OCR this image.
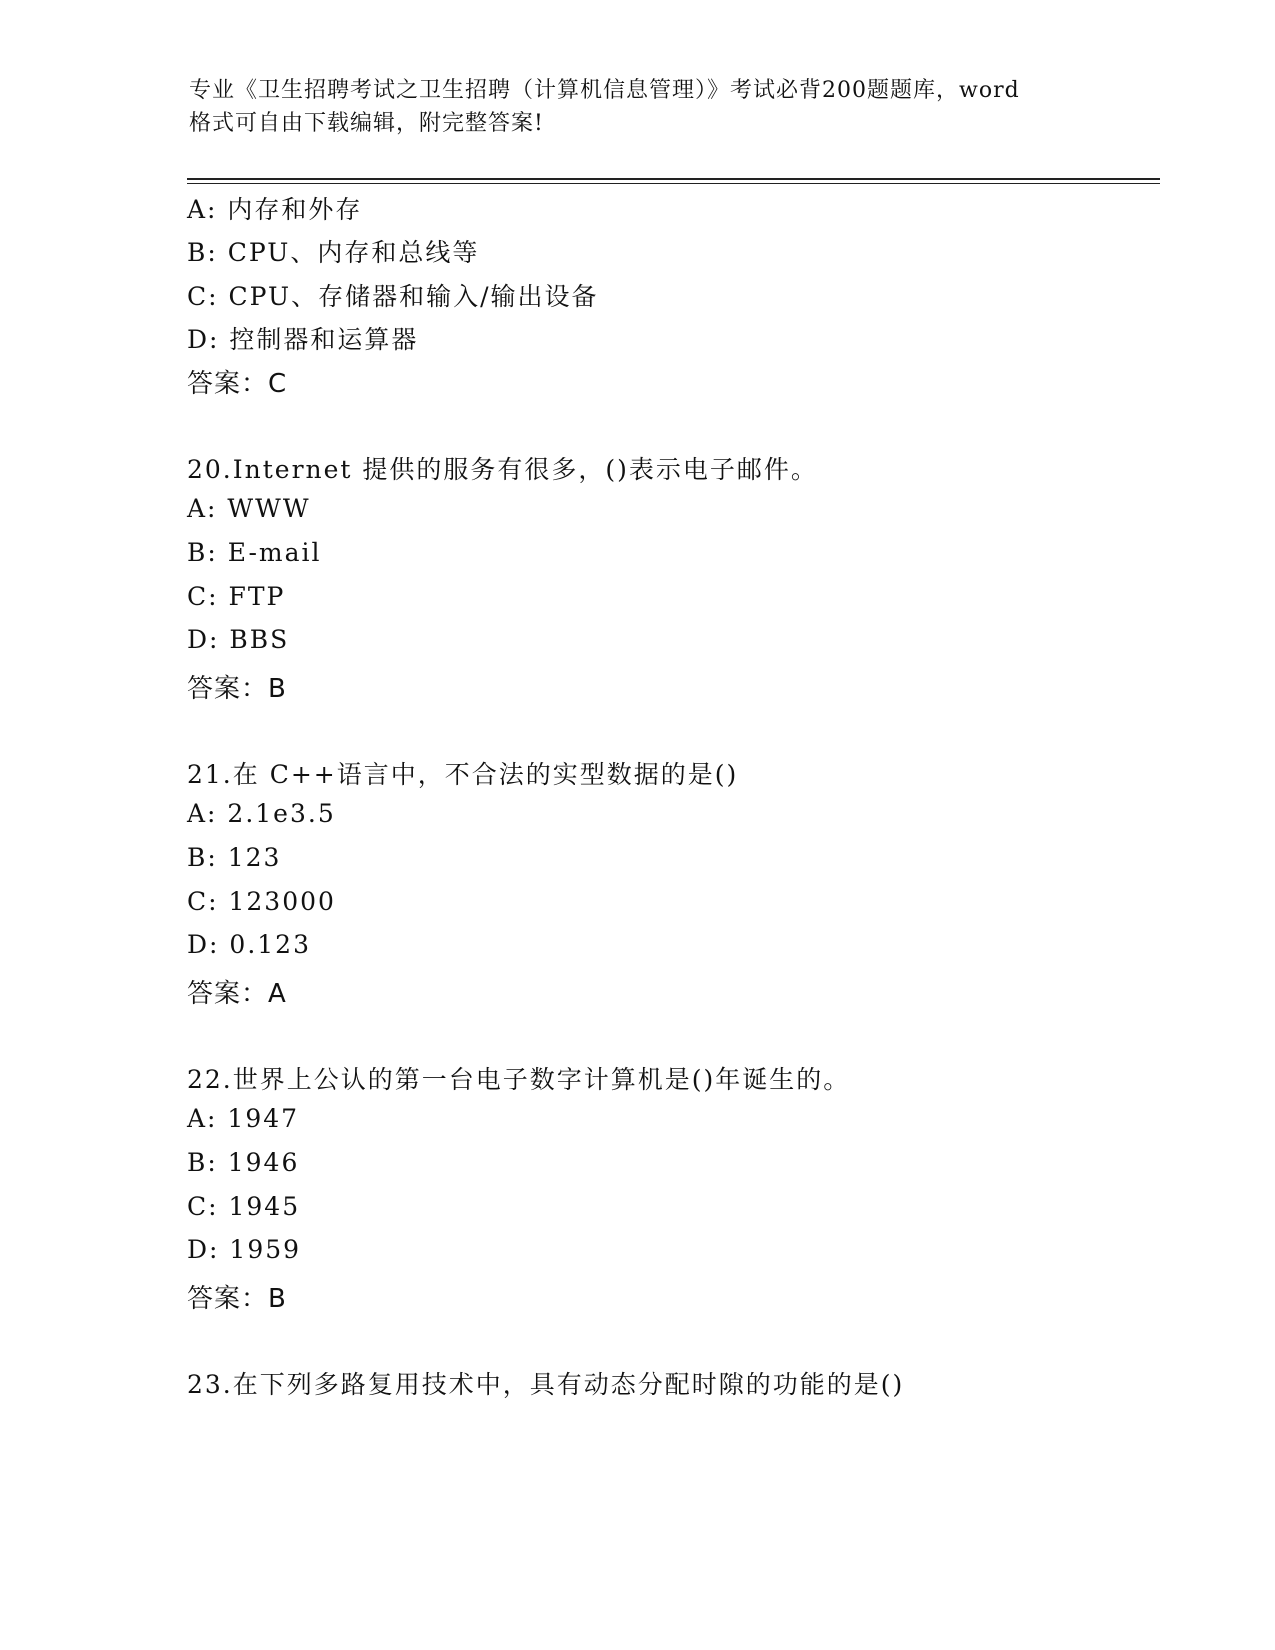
专业《卫生招聘考试之卫生招聘（计算机信息管理）》考试必背200题题库，word
格式可自由下载编辑，附完整答案!
A: 内存和外存
B: CPU、内存和总线等
C: CPU、存储器和输入/输出设备
D: 控制器和运算器
答案：C
20.Internet 提供的服务有很多，()表示电子邮件。
A: WWW
B: E-mail
C: FTP
D: BBS
答案：B
21.在 C++语言中，不合法的实型数据的是()
A: 2.1e3.5
B: 123
C: 123000
D: 0.123
答案：A
22.世界上公认的第一台电子数字计算机是()年诞生的。
A: 1947
B: 1946
C: 1945
D: 1959
答案：B
23.在下列多路复用技术中，具有动态分配时隙的功能的是()
